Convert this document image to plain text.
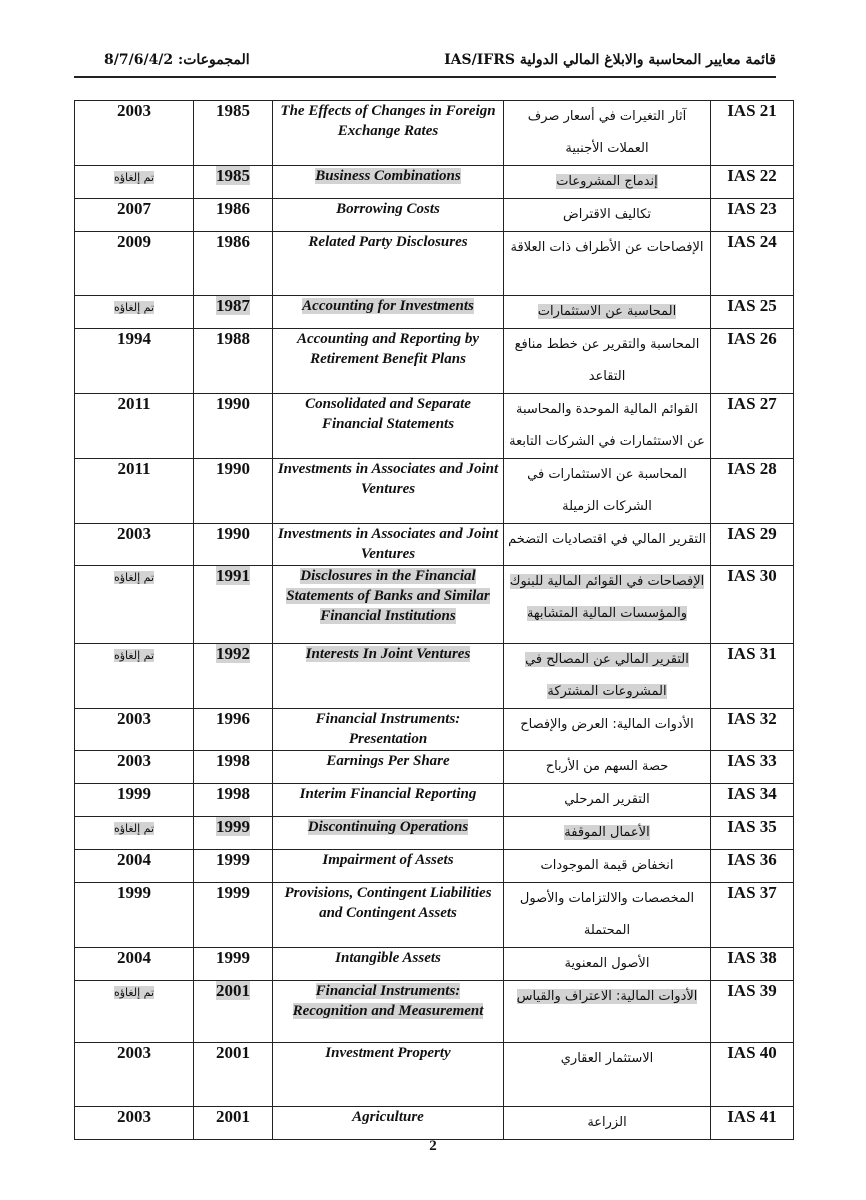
المجموعات: 8/7/6/4/2	قائمة معايير المحاسبة والابلاغ المالي الدولية IAS/IFRS
2003	1985	The Effects of Changes in Foreign Exchange Rates	آثار التغيرات في أسعار صرف العملات الأجنبية	IAS 21
تم إلغاؤه	1985	Business Combinations	إندماج المشروعات	IAS 22
2007	1986	Borrowing Costs	تكاليف الاقتراض	IAS 23
2009	1986	Related Party Disclosures	الإفصاحات عن الأطراف ذات العلاقة	IAS 24
تم إلغاؤه	1987	Accounting for Investments	المحاسبة عن الاستثمارات	IAS 25
1994	1988	Accounting and Reporting by Retirement Benefit Plans	المحاسبة والتقرير عن خطط منافع التقاعد	IAS 26
2011	1990	Consolidated and Separate Financial Statements	القوائم المالية الموحدة والمحاسبة عن الاستثمارات في الشركات التابعة	IAS 27
2011	1990	Investments in Associates and Joint Ventures	المحاسبة عن الاستثمارات في الشركات الزميلة	IAS 28
2003	1990	Investments in Associates and Joint Ventures	التقرير المالي في اقتصاديات التضخم	IAS 29
تم إلغاؤه	1991	Disclosures in the Financial Statements of Banks and Similar Financial Institutions	الإفصاحات في القوائم المالية للبنوك والمؤسسات المالية المتشابهة	IAS 30
تم إلغاؤه	1992	Interests In Joint Ventures	التقرير المالي عن المصالح في المشروعات المشتركة	IAS 31
2003	1996	Financial Instruments: Presentation	الأدوات المالية: العرض والإفصاح	IAS 32
2003	1998	Earnings Per Share	حصة السهم من الأرباح	IAS 33
1999	1998	Interim Financial Reporting	التقرير المرحلي	IAS 34
تم إلغاؤه	1999	Discontinuing Operations	الأعمال الموقفة	IAS 35
2004	1999	Impairment of Assets	انخفاض قيمة الموجودات	IAS 36
1999	1999	Provisions, Contingent Liabilities and Contingent Assets	المخصصات والالتزامات والأصول المحتملة	IAS 37
2004	1999	Intangible Assets	الأصول المعنوية	IAS 38
تم إلغاؤه	2001	Financial Instruments: Recognition and Measurement	الأدوات المالية: الاعتراف والقياس	IAS 39
2003	2001	Investment Property	الاستثمار العقاري	IAS 40
2003	2001	Agriculture	الزراعة	IAS 41
2
